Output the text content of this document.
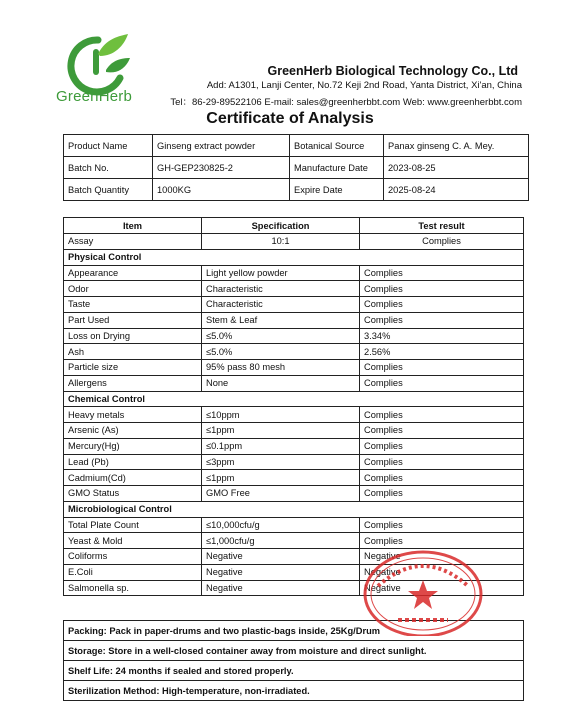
GreenHerb
GreenHerb Biological Technology Co., Ltd
Add: A1301, Lanji Center, No.72 Keji 2nd Road, Yanta District, Xi'an, China
Tel：86-29-89522106 E-mail: sales@greenherbbt.com Web: www.greenherbbt.com
Certificate of Analysis
Product Name	Ginseng extract powder	Botanical Source	Panax ginseng C. A. Mey.
Batch No.	GH-GEP230825-2	Manufacture Date	2023-08-25
Batch Quantity	1000KG	Expire Date	2025-08-24
Item	Specification	Test result
Assay	10:1	Complies
Physical Control		
Appearance	Light yellow powder	Complies
Odor	Characteristic	Complies
Taste	Characteristic	Complies
Part Used	Stem & Leaf	Complies
Loss on Drying	≤5.0%	3.34%
Ash	≤5.0%	2.56%
Particle size	95% pass 80 mesh	Complies
Allergens	None	Complies
Chemical Control		
Heavy metals	≤10ppm	Complies
Arsenic (As)	≤1ppm	Complies
Mercury(Hg)	≤0.1ppm	Complies
Lead (Pb)	≤3ppm	Complies
Cadmium(Cd)	≤1ppm	Complies
GMO Status	GMO Free	Complies
Microbiological Control		
Total Plate Count	≤10,000cfu/g	Complies
Yeast & Mold	≤1,000cfu/g	Complies
Coliforms	Negative	Negative
E.Coli	Negative	Negative
Salmonella sp.	Negative	Negative
Packing: Pack in paper-drums and two plastic-bags inside, 25Kg/Drum
Storage: Store in a well-closed container away from moisture and direct sunlight.
Shelf Life: 24 months if sealed and stored properly.
Sterilization Method: High-temperature, non-irradiated.
